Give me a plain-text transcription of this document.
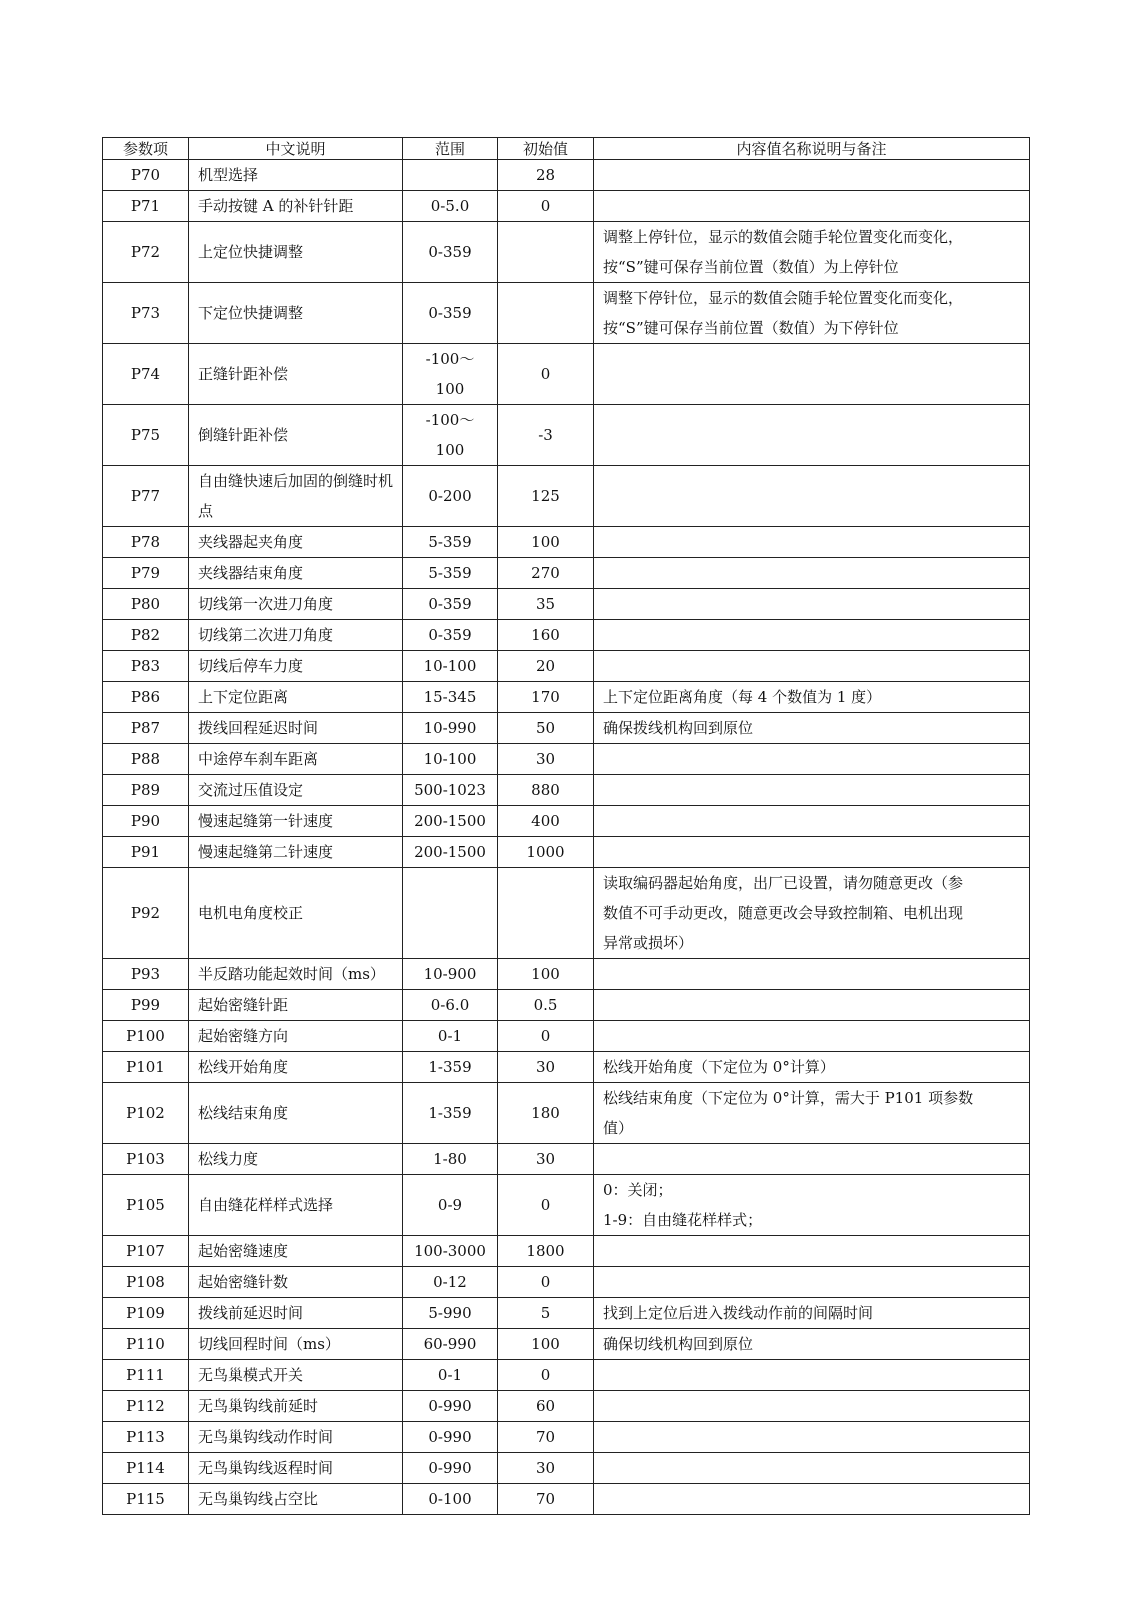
参数项	中文说明	范围	初始值	内容值名称说明与备注
P70	机型选择		28	
P71	手动按键 A 的补针针距	0-5.0	0	
P72	上定位快捷调整	0-359		调整上停针位，显示的数值会随手轮位置变化而变化，
按“S”键可保存当前位置（数值）为上停针位

P73	下定位快捷调整	0-359		调整下停针位，显示的数值会随手轮位置变化而变化，
按“S”键可保存当前位置（数值）为下停针位

P74	正缝针距补偿	-100～100	0	
P75	倒缝针距补偿	-100～100	-3	
P77	自由缝快速后加固的倒缝时机点	0-200	125	
P78	夹线器起夹角度	5-359	100	
P79	夹线器结束角度	5-359	270	
P80	切线第一次进刀角度	0-359	35	
P82	切线第二次进刀角度	0-359	160	
P83	切线后停车力度	10-100	20	
P86	上下定位距离	15-345	170	上下定位距离角度（每 4 个数值为 1 度）

P87	拨线回程延迟时间	10-990	50	确保拨线机构回到原位

P88	中途停车刹车距离	10-100	30	
P89	交流过压值设定	500-1023	880	
P90	慢速起缝第一针速度	200-1500	400	
P91	慢速起缝第二针速度	200-1500	1000	
P92	电机电角度校正			读取编码器起始角度，出厂已设置，请勿随意更改（参
数值不可手动更改，随意更改会导致控制箱、电机出现
异常或损坏）

P93	半反踏功能起效时间（ms）	10-900	100	
P99	起始密缝针距	0-6.0	0.5	
P100	起始密缝方向	0-1	0	
P101	松线开始角度	1-359	30	松线开始角度（下定位为 0°计算）

P102	松线结束角度	1-359	180	松线结束角度（下定位为 0°计算，需大于 P101 项参数
值）

P103	松线力度	1-80	30	
P105	自由缝花样样式选择	0-9	0	0：关闭；
1-9：自由缝花样样式；

P107	起始密缝速度	100-3000	1800	
P108	起始密缝针数	0-12	0	
P109	拨线前延迟时间	5-990	5	找到上定位后进入拨线动作前的间隔时间

P110	切线回程时间（ms）	60-990	100	确保切线机构回到原位

P111	无鸟巢模式开关	0-1	0	
P112	无鸟巢钩线前延时	0-990	60	
P113	无鸟巢钩线动作时间	0-990	70	
P114	无鸟巢钩线返程时间	0-990	30	
P115	无鸟巢钩线占空比	0-100	70	
